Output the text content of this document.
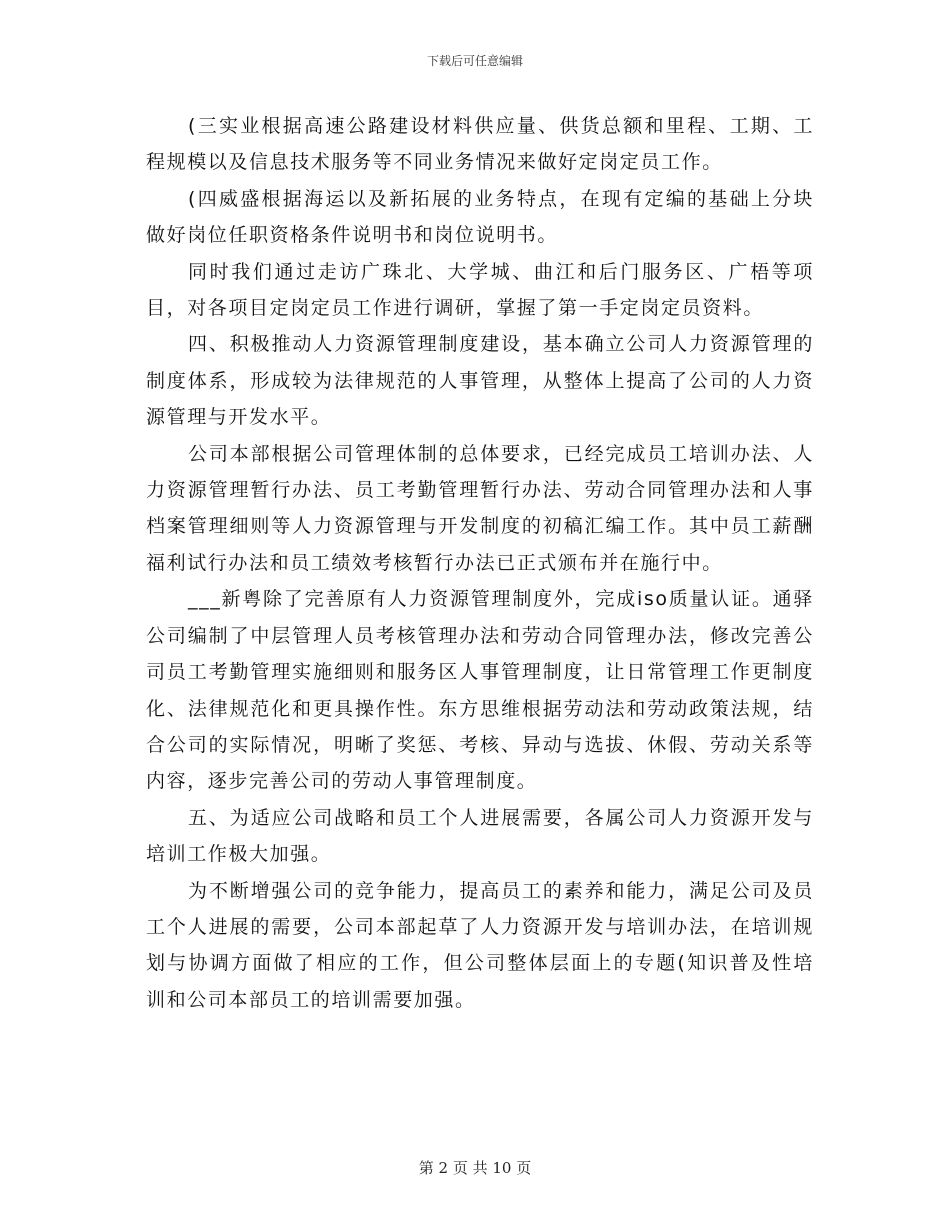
下载后可任意编辑

(三实业根据高速公路建设材料供应量、供货总额和里程、工期、工程规模以及信息技术服务等不同业务情况来做好定岗定员工作。

(四威盛根据海运以及新拓展的业务特点，在现有定编的基础上分块做好岗位任职资格条件说明书和岗位说明书。

同时我们通过走访广珠北、大学城、曲江和后门服务区、广梧等项目，对各项目定岗定员工作进行调研，掌握了第一手定岗定员资料。

四、积极推动人力资源管理制度建设，基本确立公司人力资源管理的制度体系，形成较为法律规范的人事管理，从整体上提高了公司的人力资源管理与开发水平。

公司本部根据公司管理体制的总体要求，已经完成员工培训办法、人力资源管理暂行办法、员工考勤管理暂行办法、劳动合同管理办法和人事档案管理细则等人力资源管理与开发制度的初稿汇编工作。其中员工薪酬福利试行办法和员工绩效考核暂行办法已正式颁布并在施行中。

___新粤除了完善原有人力资源管理制度外，完成iso质量认证。通驿公司编制了中层管理人员考核管理办法和劳动合同管理办法，修改完善公司员工考勤管理实施细则和服务区人事管理制度，让日常管理工作更制度化、法律规范化和更具操作性。东方思维根据劳动法和劳动政策法规，结合公司的实际情况，明晰了奖惩、考核、异动与选拔、休假、劳动关系等内容，逐步完善公司的劳动人事管理制度。

五、为适应公司战略和员工个人进展需要，各属公司人力资源开发与培训工作极大加强。

为不断增强公司的竞争能力，提高员工的素养和能力，满足公司及员工个人进展的需要，公司本部起草了人力资源开发与培训办法，在培训规划与协调方面做了相应的工作，但公司整体层面上的专题(知识普及性培训和公司本部员工的培训需要加强。

第 2 页 共 10 页
